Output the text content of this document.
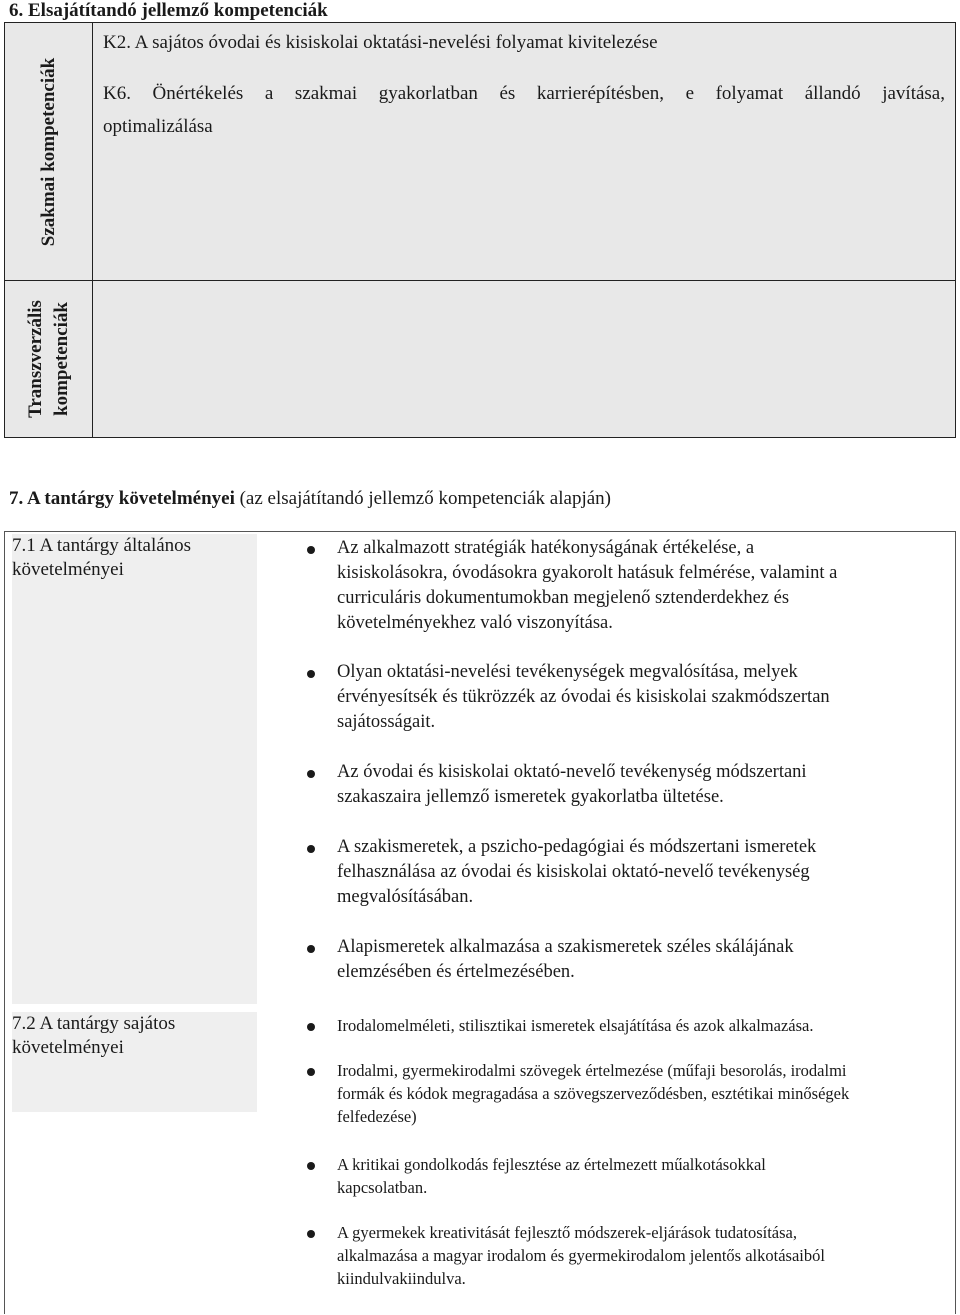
6. Elsajátítandó jellemző kompetenciák
Szakmai kompetenciák

K2. A sajátos óvodai és kisiskolai oktatási-nevelési folyamat kivitelezése

K6. Önértékelés a szakmai gyakorlatban és karrierépítésben, e folyamat állandó javítása,

optimalizálása

Transzverzális kompetenciák

7. A tantárgy követelményei (az elsajátítandó jellemző kompetenciák alapján)

7.1 A tantárgy általános
követelményei

Az alkalmazott stratégiák hatékonyságának értékelése, a
kisiskolásokra, óvodásokra gyakorolt hatásuk felmérése, valamint a
curriculáris dokumentumokban megjelenő sztenderdekhez és
követelményekhez való viszonyítása.

Olyan oktatási-nevelési tevékenységek megvalósítása, melyek
érvényesítsék és tükrözzék az óvodai és kisiskolai szakmódszertan
sajátosságait.

Az óvodai és kisiskolai oktató-nevelő tevékenység módszertani
szakaszaira jellemző ismeretek gyakorlatba ültetése.

A szakismeretek, a pszicho-pedagógiai és módszertani ismeretek
felhasználása az óvodai és kisiskolai oktató-nevelő tevékenység
megvalósításában.

Alapismeretek alkalmazása a szakismeretek széles skálájának
elemzésében és értelmezésében.

7.2 A tantárgy sajátos
követelményei

Irodalomelméleti, stilisztikai ismeretek elsajátítása és azok alkalmazása.

Irodalmi, gyermekirodalmi szövegek értelmezése (műfaji besorolás, irodalmi
formák és kódok megragadása a szövegszerveződésben, esztétikai minőségek
felfedezése)

A kritikai gondolkodás fejlesztése az értelmezett műalkotásokkal
kapcsolatban.

A gyermekek kreativitását fejlesztő módszerek-eljárások tudatosítása,
alkalmazása a magyar irodalom és gyermekirodalom jelentős alkotásaiból
kiindulvakiindulva.
